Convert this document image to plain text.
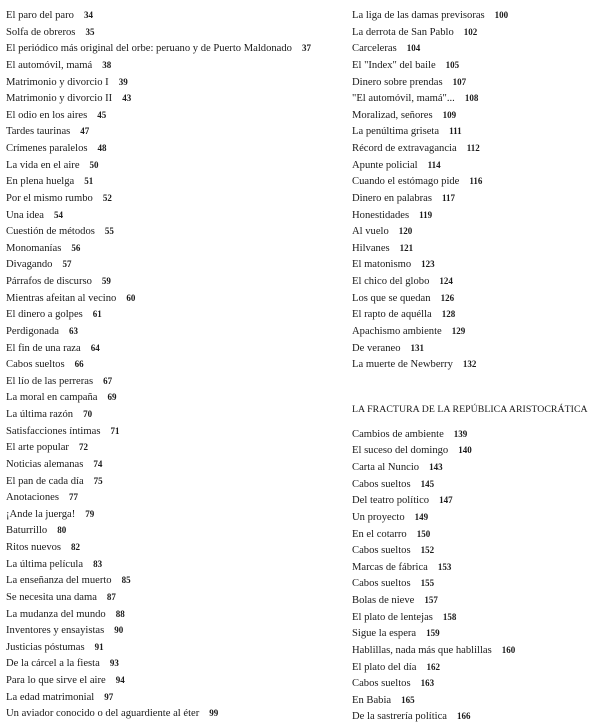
El paro del paro 34
Solfa de obreros 35
El periódico más original del orbe: peruano y de Puerto Maldonado 37
El automóvil, mamá 38
Matrimonio y divorcio I 39
Matrimonio y divorcio II 43
El odio en los aires 45
Tardes taurinas 47
Crímenes paralelos 48
La vida en el aire 50
En plena huelga 51
Por el mismo rumbo 52
Una idea 54
Cuestión de métodos 55
Monomanías 56
Divagando 57
Párrafos de discurso 59
Mientras afeitan al vecino 60
El dinero a golpes 61
Perdigonada 63
El fin de una raza 64
Cabos sueltos 66
El lío de las perreras 67
La moral en campaña 69
La última razón 70
Satisfacciones íntimas 71
El arte popular 72
Noticias alemanas 74
El pan de cada día 75
Anotaciones 77
¡Ande la juerga! 79
Baturrillo 80
Ritos nuevos 82
La última película 83
La enseñanza del muerto 85
Se necesita una dama 87
La mudanza del mundo 88
Inventores y ensayistas 90
Justicias póstumas 91
De la cárcel a la fiesta 93
Para lo que sirve el aire 94
La edad matrimonial 97
Un aviador conocido o del aguardiente al éter 99
La liga de las damas previsoras 100
La derrota de San Pablo 102
Carceleras 104
El "Index" del baile 105
Dinero sobre prendas 107
"El automóvil, mamá"... 108
Moralizad, señores 109
La penúltima griseta 111
Récord de extravagancia 112
Apunte policial 114
Cuando el estómago pide 116
Dinero en palabras 117
Honestidades 119
Al vuelo 120
Hilvanes 121
El matonismo 123
El chico del globo 124
Los que se quedan 126
El rapto de aquélla 128
Apachismo ambiente 129
De veraneo 131
La muerte de Newberry 132
LA FRACTURA DE LA REPÚBLICA ARISTOCRÁTICA
Cambios de ambiente 139
El suceso del domingo 140
Carta al Nuncio 143
Cabos sueltos 145
Del teatro político 147
Un proyecto 149
En el cotarro 150
Cabos sueltos 152
Marcas de fábrica 153
Cabos sueltos 155
Bolas de nieve 157
El plato de lentejas 158
Sigue la espera 159
Hablillas, nada más que hablillas 160
El plato del día 162
Cabos sueltos 163
En Babia 165
De la sastrería política 166
